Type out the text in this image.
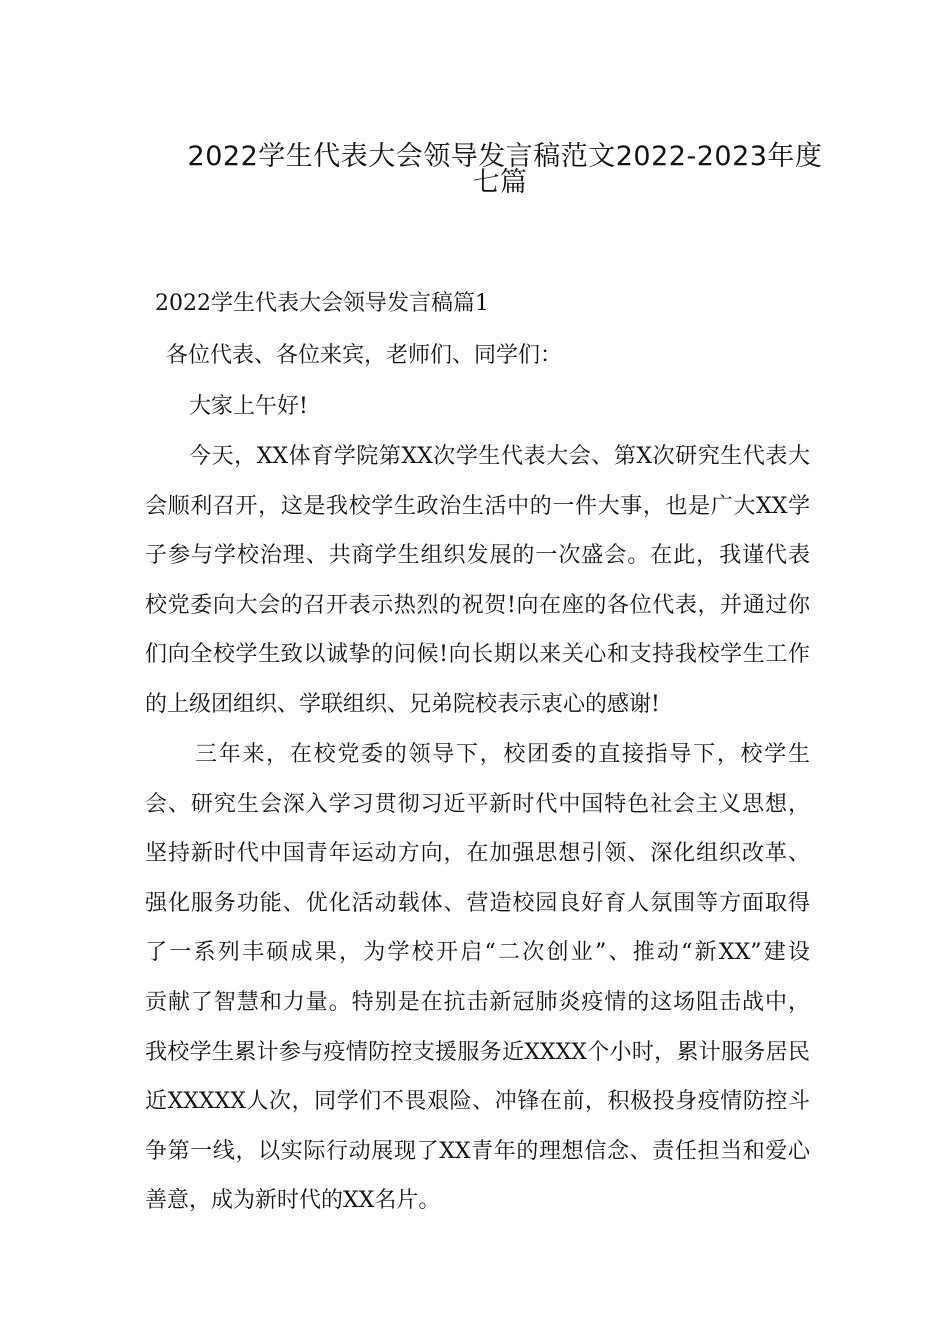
2022学生代表大会领导发言稿范文2022-2023年度
七篇
2022学生代表大会领导发言稿篇1
各位代表、各位来宾，老师们、同学们：
大家上午好!
今天，XX体育学院第XX次学生代表大会、第X次研究生代表大
会顺利召开，这是我校学生政治生活中的一件大事，也是广大XX学
子参与学校治理、共商学生组织发展的一次盛会。在此，我谨代表
校党委向大会的召开表示热烈的祝贺!向在座的各位代表，并通过你
们向全校学生致以诚挚的问候!向长期以来关心和支持我校学生工作
的上级团组织、学联组织、兄弟院校表示衷心的感谢!
三年来，在校党委的领导下，校团委的直接指导下，校学生
会、研究生会深入学习贯彻习近平新时代中国特色社会主义思想，
坚持新时代中国青年运动方向，在加强思想引领、深化组织改革、
强化服务功能、优化活动载体、营造校园良好育人氛围等方面取得
了一系列丰硕成果，为学校开启“二次创业”、推动“新XX”建设
贡献了智慧和力量。特别是在抗击新冠肺炎疫情的这场阻击战中，
我校学生累计参与疫情防控支援服务近XXXX个小时，累计服务居民
近XXXXX人次，同学们不畏艰险、冲锋在前，积极投身疫情防控斗
争第一线，以实际行动展现了XX青年的理想信念、责任担当和爱心
善意，成为新时代的XX名片。
